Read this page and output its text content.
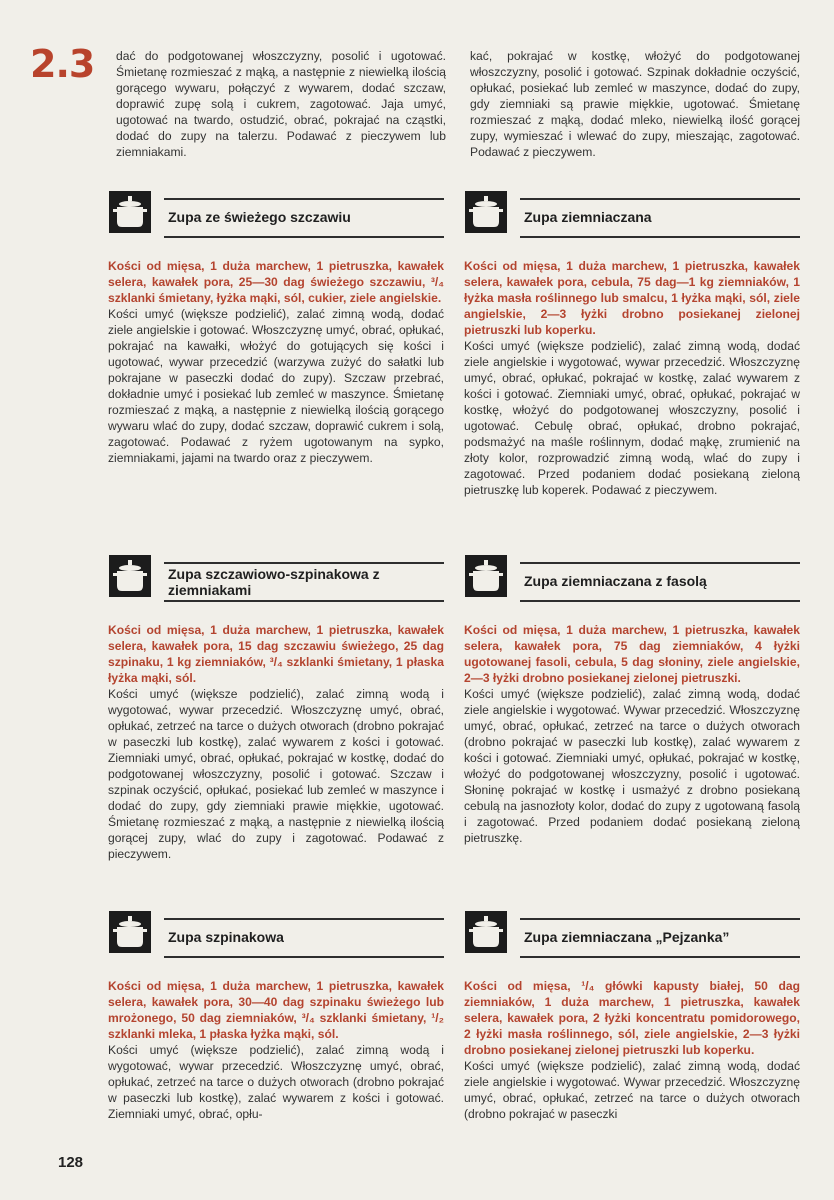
2.3
128

dać do podgotowanej włoszczyzny, posolić i ugotować. Śmietanę rozmieszać z mąką, a następnie z niewielką ilością gorącego wywaru, połączyć z wywarem, dodać szczaw, doprawić zupę solą i cukrem, zagotować. Jaja umyć, ugotować na twardo, ostudzić, obrać, pokrajać na cząstki, dodać do zupy na talerzu. Podawać z pieczywem lub ziemniakami.

kać, pokrajać w kostkę, włożyć do podgotowanej włoszczyzny, posolić i gotować. Szpinak dokładnie oczyścić, opłukać, posiekać lub zemleć w maszynce, dodać do zupy, gdy ziemniaki są prawie miękkie, ugotować. Śmietanę rozmieszać z mąką, dodać mleko, niewielką ilość gorącej zupy, wymieszać i wlewać do zupy, mieszając, zagotować. Podawać z pieczywem.

Zupa ze świeżego szczawiu

Kości od mięsa, 1 duża marchew, 1 pietruszka, kawałek selera, kawałek pora, 25—30 dag świeżego szczawiu, ³/₄ szklanki śmietany, łyżka mąki, sól, cukier, ziele angielskie.

Kości umyć (większe podzielić), zalać zimną wodą, dodać ziele angielskie i gotować. Włoszczyznę umyć, obrać, opłukać, pokrajać na kawałki, włożyć do gotujących się kości i ugotować, wywar przecedzić (warzywa zużyć do sałatki lub pokrajane w paseczki dodać do zupy). Szczaw przebrać, dokładnie umyć i posiekać lub zemleć w maszynce. Śmietanę rozmieszać z mąką, a następnie z niewielką ilością gorącego wywaru wlać do zupy, dodać szczaw, doprawić cukrem i solą, zagotować. Podawać z ryżem ugotowanym na sypko, ziemniakami, jajami na twardo oraz z pieczywem.

Zupa szczawiowo-szpinakowa z ziemniakami

Kości od mięsa, 1 duża marchew, 1 pietruszka, kawałek selera, kawałek pora, 15 dag szczawiu świeżego, 25 dag szpinaku, 1 kg ziemniaków, ³/₄ szklanki śmietany, 1 płaska łyżka mąki, sól.

Kości umyć (większe podzielić), zalać zimną wodą i wygotować, wywar przecedzić. Włoszczyznę umyć, obrać, opłukać, zetrzeć na tarce o dużych otworach (drobno pokrajać w paseczki lub kostkę), zalać wywarem z kości i gotować. Ziemniaki umyć, obrać, opłukać, pokrajać w kostkę, dodać do podgotowanej włoszczyzny, posolić i gotować. Szczaw i szpinak oczyścić, opłukać, posiekać lub zemleć w maszynce i dodać do zupy, gdy ziemniaki prawie miękkie, ugotować. Śmietanę rozmieszać z mąką, a następnie z niewielką ilością gorącej zupy, wlać do zupy i zagotować. Podawać z pieczywem.

Zupa szpinakowa

Kości od mięsa, 1 duża marchew, 1 pietruszka, kawałek selera, kawałek pora, 30—40 dag szpinaku świeżego lub mrożonego, 50 dag ziemniaków, ³/₄ szklanki śmietany, ¹/₂ szklanki mleka, 1 płaska łyżka mąki, sól.

Kości umyć (większe podzielić), zalać zimną wodą i wygotować, wywar przecedzić. Włoszczyznę umyć, obrać, opłukać, zetrzeć na tarce o dużych otworach (drobno pokrajać w paseczki lub kostkę), zalać wywarem z kości i gotować. Ziemniaki umyć, obrać, opłu-

Zupa ziemniaczana

Kości od mięsa, 1 duża marchew, 1 pietruszka, kawałek selera, kawałek pora, cebula, 75 dag—1 kg ziemniaków, 1 łyżka masła roślinnego lub smalcu, 1 łyżka mąki, sól, ziele angielskie, 2—3 łyżki drobno posiekanej zielonej pietruszki lub koperku.

Kości umyć (większe podzielić), zalać zimną wodą, dodać ziele angielskie i wygotować, wywar przecedzić. Włoszczyznę umyć, obrać, opłukać, pokrajać w kostkę, zalać wywarem z kości i gotować. Ziemniaki umyć, obrać, opłukać, pokrajać w kostkę, włożyć do podgotowanej włoszczyzny, posolić i ugotować. Cebulę obrać, opłukać, drobno pokrajać, podsmażyć na maśle roślinnym, dodać mąkę, zrumienić na złoty kolor, rozprowadzić zimną wodą, wlać do zupy i zagotować. Przed podaniem dodać posiekaną zieloną pietruszkę lub koperek. Podawać z pieczywem.

Zupa ziemniaczana z fasolą

Kości od mięsa, 1 duża marchew, 1 pietruszka, kawałek selera, kawałek pora, 75 dag ziemniaków, 4 łyżki ugotowanej fasoli, cebula, 5 dag słoniny, ziele angielskie, 2—3 łyżki drobno posiekanej zielonej pietruszki.

Kości umyć (większe podzielić), zalać zimną wodą, dodać ziele angielskie i wygotować. Wywar przecedzić. Włoszczyznę umyć, obrać, opłukać, zetrzeć na tarce o dużych otworach (drobno pokrajać w paseczki lub kostkę), zalać wywarem z kości i gotować. Ziemniaki umyć, opłukać, pokrajać w kostkę, włożyć do podgotowanej włoszczyzny, posolić i ugotować. Słoninę pokrajać w kostkę i usmażyć z drobno posiekaną cebulą na jasnozłoty kolor, dodać do zupy z ugotowaną fasolą i zagotować. Przed podaniem dodać posiekaną zieloną pietruszkę.

Zupa ziemniaczana „Pejzanka”

Kości od mięsa, ¹/₄ główki kapusty białej, 50 dag ziemniaków, 1 duża marchew, 1 pietruszka, kawałek selera, kawałek pora, 2 łyżki koncentratu pomidorowego, 2 łyżki masła roślinnego, sól, ziele angielskie, 2—3 łyżki drobno posiekanej zielonej pietruszki lub koperku.

Kości umyć (większe podzielić), zalać zimną wodą, dodać ziele angielskie i wygotować. Wywar przecedzić. Włoszczyznę umyć, obrać, opłukać, zetrzeć na tarce o dużych otworach (drobno pokrajać w paseczki
